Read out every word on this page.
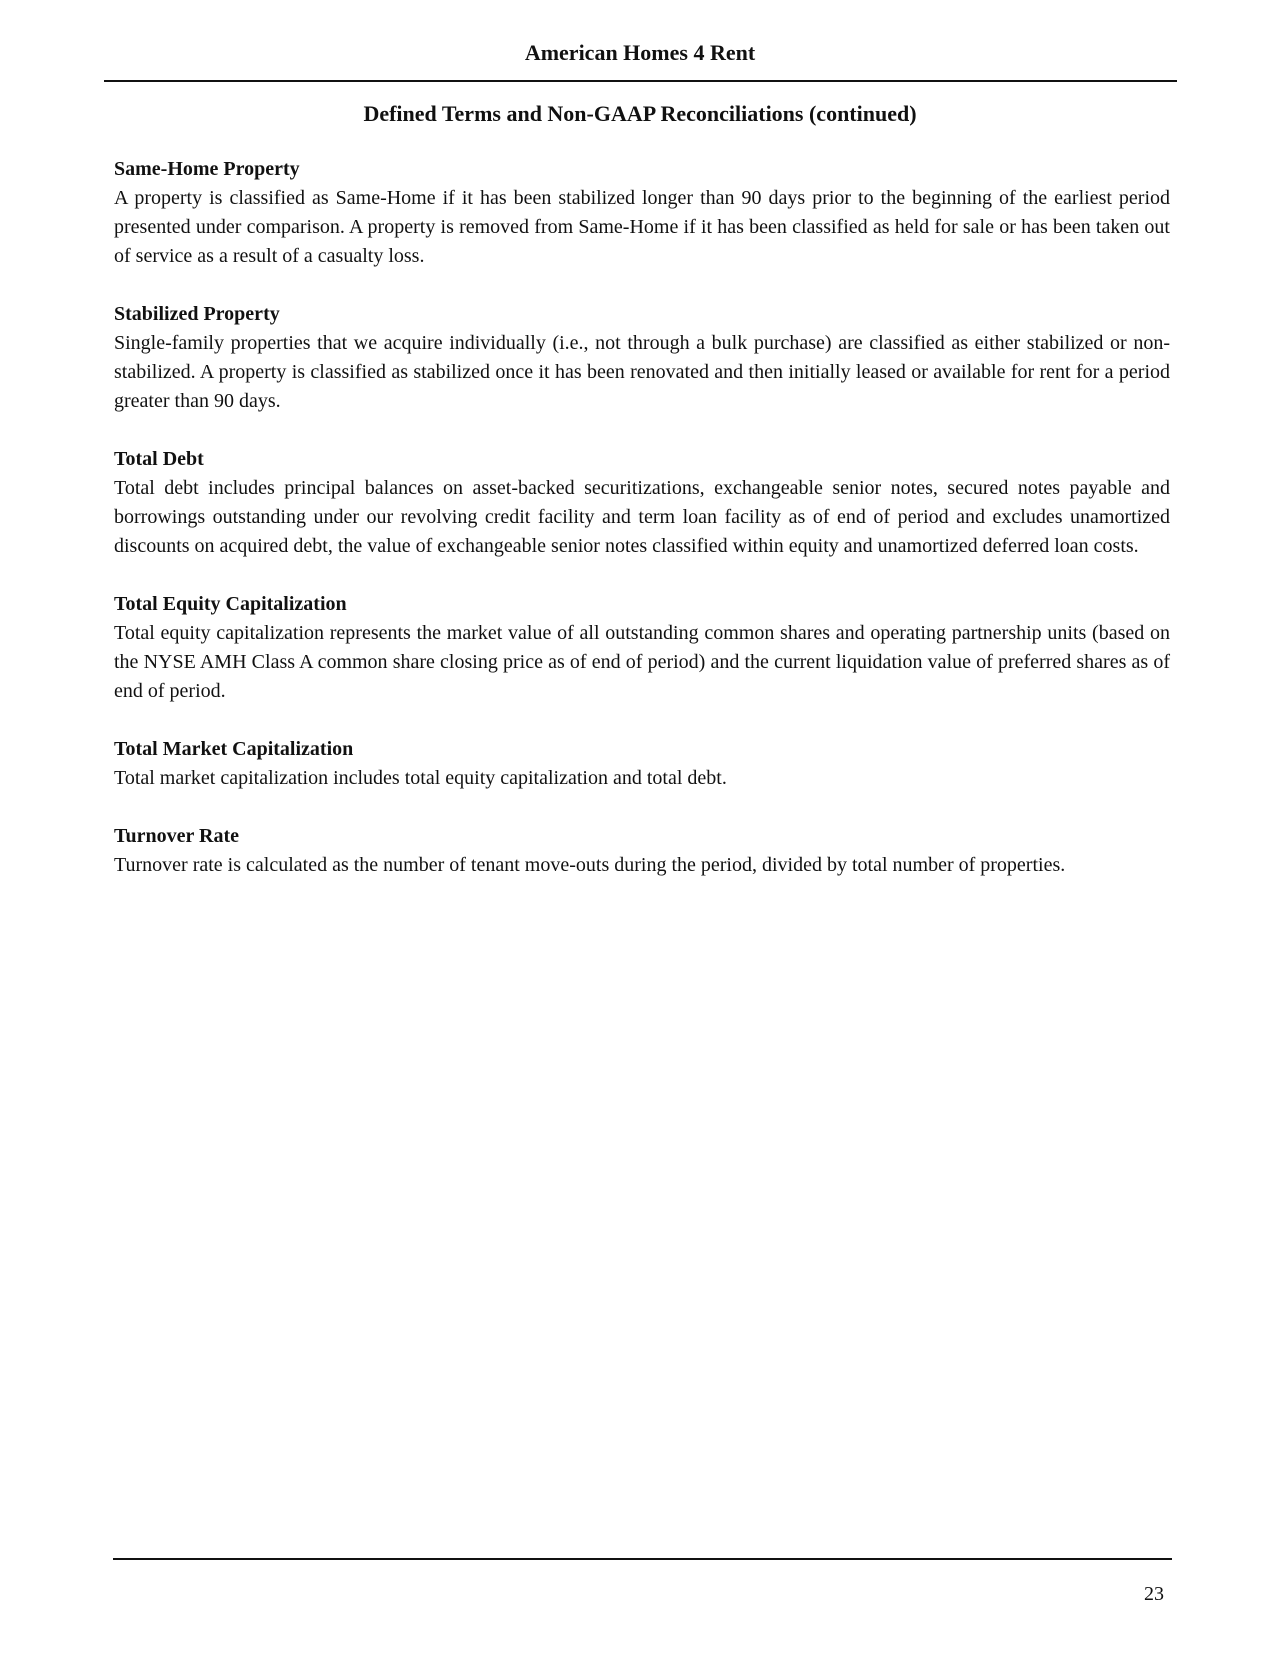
American Homes 4 Rent
Defined Terms and Non-GAAP Reconciliations (continued)

Same-Home Property

A property is classified as Same-Home if it has been stabilized longer than 90 days prior to the beginning of the earliest period presented under comparison. A property is removed from Same-Home if it has been classified as held for sale or has been taken out of service as a result of a casualty loss.

Stabilized Property

Single-family properties that we acquire individually (i.e., not through a bulk purchase) are classified as either stabilized or non-stabilized. A property is classified as stabilized once it has been renovated and then initially leased or available for rent for a period greater than 90 days.

Total Debt

Total debt includes principal balances on asset-backed securitizations, exchangeable senior notes, secured notes payable and borrowings outstanding under our revolving credit facility and term loan facility as of end of period and excludes unamortized discounts on acquired debt, the value of exchangeable senior notes classified within equity and unamortized deferred loan costs.

Total Equity Capitalization

Total equity capitalization represents the market value of all outstanding common shares and operating partnership units (based on the NYSE AMH Class A common share closing price as of end of period) and the current liquidation value of preferred shares as of end of period.

Total Market Capitalization

Total market capitalization includes total equity capitalization and total debt.

Turnover Rate

Turnover rate is calculated as the number of tenant move-outs during the period, divided by total number of properties.

23
